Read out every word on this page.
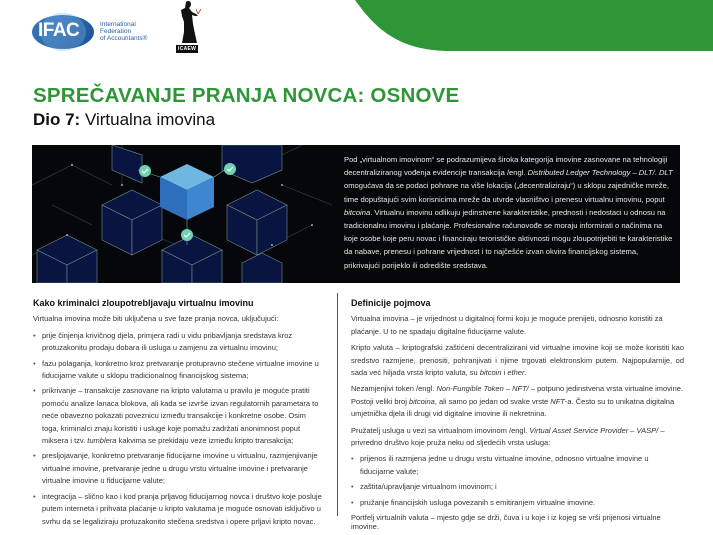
IFAC	International
Federation
of Accountants®
ICAEW
SPREČAVANJE PRANJA NOVCA: OSNOVE
Dio 7: Virtualna imovina
Pod „virtualnom imovinom“ se podrazumijeva široka kategorija imovine zasnovane na tehnologiji decentraliziranog vođenja evidencije transakcija /engl. Distributed Ledger Technology – DLT/. DLT omogućava da se podaci pohrane na više lokacija („decentraliziraju“) u sklopu zajedničke mreže, time dopuštajući svim korisnicima mreže da utvrde vlasništvo i prenesu virtualnu imovinu, poput bitcoina. Virtualnu imovinu odlikuju jedinstvene karakteristike, prednosti i nedostaci u odnosu na tradicionalnu imovinu i plaćanje. Profesionalne računovođe se moraju informirati o načinima na koje osobe koje peru novac i financiraju terorističke aktivnosti mogu zloupotrijebiti te karakteristike da nabave, prenesu i pohrane vrijednost i to najčešće izvan okvira financijskog sistema, prikrivajući porijeklo ili odredište sredstava.
Kako kriminalci zloupotrebljavaju virtualnu imovinu

Virtualna imovina može biti uključena u sve faze pranja novca, uključujući:

• prije činjenja krivičnog djela, primjera radi u vidu pribavljanja sredstava kroz protuzakonitu prodaju dobara ili usluga u zamjenu za virtualnu imovinu;
• fazu polaganja, konkretno kroz pretvaranje protupravno stečene virtualne imovine u fiducijarne valute u sklopu tradicionalnog financijskog sistema;
• prikrivanje – transakcije zasnovane na kripto valutama u pravilu je moguće pratiti pomoću analize lanaca blokova, ali kada se izvrše izvan regulatornih parametara to neće obavezno pokazati poveznicu između transakcije i konkretne osobe. Osim toga, kriminalci znaju koristiti i usluge koje pomažu zadržati anonimnost poput miksera i tzv. tumblera kakvima se prekidaju veze između kripto transakcija;
• presljojavanje, konkretno pretvaranje fiducijarne imovine u virtualnu, razmjenjivanje virtualne imovine, pretvaranje jedne u drugu vrstu virtualne imovine i pretvaranje virtualne imovine u fiducijarne valute;
• integracija – slično kao i kod pranja prljavog fiducijarnog novca i društvo koje posluje putem interneta i prihvata plaćanje u kripto valutama je moguće osnovati isključivo u svrhu da se legaliziraju protuzakonito stečena sredstva i opere prljavi kripto novac.
Definicije pojmova

Virtualna imovina – je vrijednost u digitalnoj formi koju je moguće prenijeti, odnosno koristiti za plaćanje. U to ne spadaju digitalne fiducijarne valute.

Kripto valuta – kriptografski zaštićeni decentralizirani vid virtualne imovine koji se može koristiti kao sredstvo razmjene, prenositi, pohranjivati i njime trgovati elektronskim putem. Najpopularnije, od sada već hiljada vrsta kripto valuta, su bitcoin i ether.

Nezamjenjivi token /engl. Non-Fungible Token – NFT/ – potpuno jedinstvena vrsta virtualne imovine. Postoji veliki broj bitcoina, ali samo po jedan od svake vrste NFT-a. Često su to unikatna digitalna umjetnička djela ili drugi vid digitalne imovine ili nekretnina.

Pružatelj usluga u vezi sa virtualnom imovinom /engl. Virtual Asset Service Provider – VASP/ – privredno društvo koje pruža neku od sljedećih vrsta usluga:

• prijenos ili razmjena jedne u drugu vrstu virtualne imovine, odnosno virtualne imovine u fiducijarne valute;
• zaštita/upravljanje virtualnom imovinom; i
• pružanje financijskih usluga povezanih s emitiranjem virtualne imovine.

Portfelj virtualnih valuta – mjesto gdje se drži, čuva i u koje i iz kojeg se vrši prijenosi virtualne imovine.
